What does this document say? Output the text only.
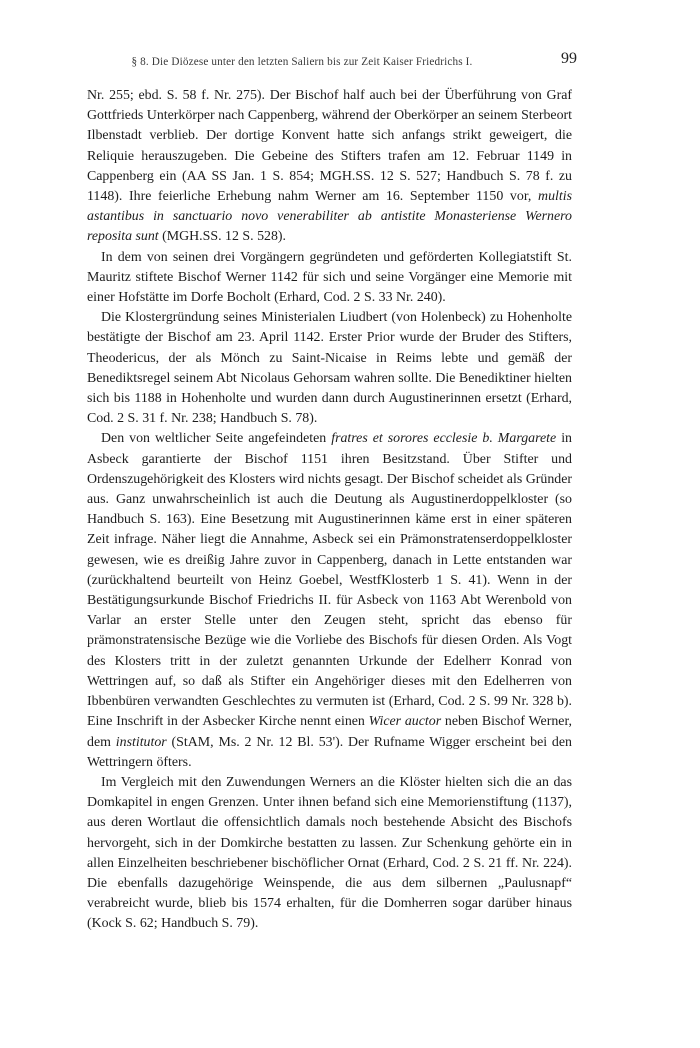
§ 8. Die Diözese unter den letzten Saliern bis zur Zeit Kaiser Friedrichs I.	99

Nr. 255; ebd. S. 58 f. Nr. 275). Der Bischof half auch bei der Überführung von Graf Gottfrieds Unterkörper nach Cappenberg, während der Oberkörper an seinem Sterbeort Ilbenstadt verblieb. Der dortige Konvent hatte sich anfangs strikt geweigert, die Reliquie herauszugeben. Die Gebeine des Stifters trafen am 12. Februar 1149 in Cappenberg ein (AA SS Jan. 1 S. 854; MGH.SS. 12 S. 527; Handbuch S. 78 f. zu 1148). Ihre feierliche Erhebung nahm Werner am 16. September 1150 vor, multis astantibus in sanctuario novo venerabiliter ab antistite Monasteriense Wernero reposita sunt (MGH.SS. 12 S. 528).

In dem von seinen drei Vorgängern gegründeten und geförderten Kollegiatstift St. Mauritz stiftete Bischof Werner 1142 für sich und seine Vorgänger eine Memorie mit einer Hofstätte im Dorfe Bocholt (Erhard, Cod. 2 S. 33 Nr. 240).

Die Klostergründung seines Ministerialen Liudbert (von Holenbeck) zu Hohenholte bestätigte der Bischof am 23. April 1142. Erster Prior wurde der Bruder des Stifters, Theodericus, der als Mönch zu Saint-Nicaise in Reims lebte und gemäß der Benediktsregel seinem Abt Nicolaus Gehorsam wahren sollte. Die Benediktiner hielten sich bis 1188 in Hohenholte und wurden dann durch Augustinerinnen ersetzt (Erhard, Cod. 2 S. 31 f. Nr. 238; Handbuch S. 78).

Den von weltlicher Seite angefeindeten fratres et sorores ecclesie b. Margarete in Asbeck garantierte der Bischof 1151 ihren Besitzstand. Über Stifter und Ordenszugehörigkeit des Klosters wird nichts gesagt. Der Bischof scheidet als Gründer aus. Ganz unwahrscheinlich ist auch die Deutung als Augustinerdoppelkloster (so Handbuch S. 163). Eine Besetzung mit Augustinerinnen käme erst in einer späteren Zeit infrage. Näher liegt die Annahme, Asbeck sei ein Prämonstratenserdoppelkloster gewesen, wie es dreißig Jahre zuvor in Cappenberg, danach in Lette entstanden war (zurückhaltend beurteilt von Heinz Goebel, WestfKlosterb 1 S. 41). Wenn in der Bestätigungsurkunde Bischof Friedrichs II. für Asbeck von 1163 Abt Werenbold von Varlar an erster Stelle unter den Zeugen steht, spricht das ebenso für prämonstratensische Bezüge wie die Vorliebe des Bischofs für diesen Orden. Als Vogt des Klosters tritt in der zuletzt genannten Urkunde der Edelherr Konrad von Wettringen auf, so daß als Stifter ein Angehöriger dieses mit den Edelherren von Ibbenbüren verwandten Geschlechtes zu vermuten ist (Erhard, Cod. 2 S. 99 Nr. 328 b). Eine Inschrift in der Asbecker Kirche nennt einen Wicer auctor neben Bischof Werner, dem institutor (StAM, Ms. 2 Nr. 12 Bl. 53'). Der Rufname Wigger erscheint bei den Wettringern öfters.

Im Vergleich mit den Zuwendungen Werners an die Klöster hielten sich die an das Domkapitel in engen Grenzen. Unter ihnen befand sich eine Memorienstiftung (1137), aus deren Wortlaut die offensichtlich damals noch bestehende Absicht des Bischofs hervorgeht, sich in der Domkirche bestatten zu lassen. Zur Schenkung gehörte ein in allen Einzelheiten beschriebener bischöflicher Ornat (Erhard, Cod. 2 S. 21 ff. Nr. 224). Die ebenfalls dazugehörige Weinspende, die aus dem silbernen „Paulusnapf“ verabreicht wurde, blieb bis 1574 erhalten, für die Domherren sogar darüber hinaus (Kock S. 62; Handbuch S. 79).
